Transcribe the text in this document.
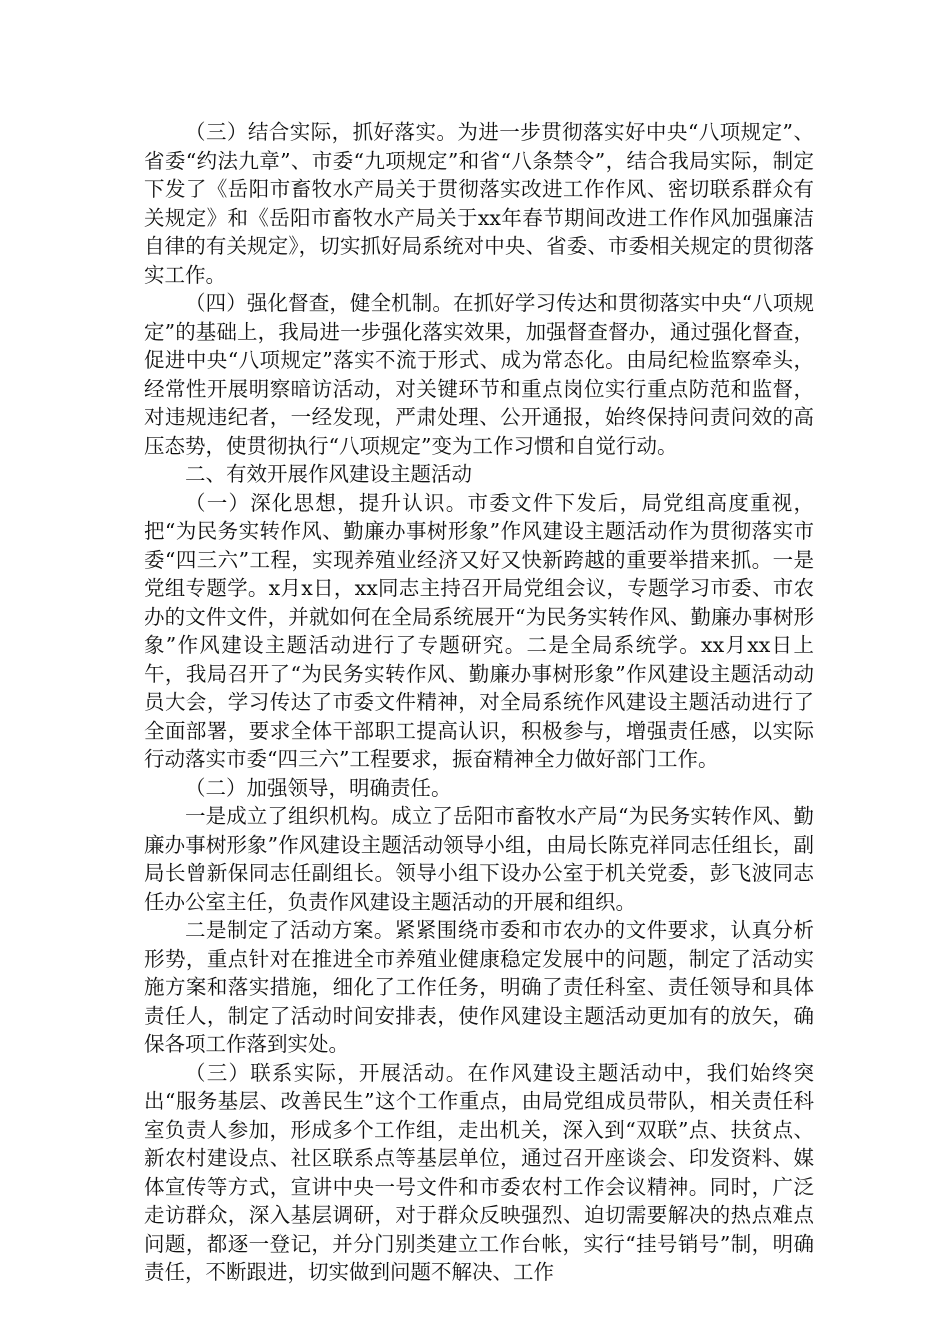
（三）结合实际，抓好落实。为进一步贯彻落实好中央“八项规定”、省委“约法九章”、市委“九项规定”和省“八条禁令”，结合我局实际，制定下发了《岳阳市畜牧水产局关于贯彻落实改进工作作风、密切联系群众有关规定》和《岳阳市畜牧水产局关于xx年春节期间改进工作作风加强廉洁自律的有关规定》，切实抓好局系统对中央、省委、市委相关规定的贯彻落实工作。

（四）强化督查，健全机制。在抓好学习传达和贯彻落实中央“八项规定”的基础上，我局进一步强化落实效果，加强督查督办，通过强化督查，促进中央“八项规定”落实不流于形式、成为常态化。由局纪检监察牵头，经常性开展明察暗访活动，对关键环节和重点岗位实行重点防范和监督，对违规违纪者，一经发现，严肃处理、公开通报，始终保持问责问效的高压态势，使贯彻执行“八项规定”变为工作习惯和自觉行动。

二、有效开展作风建设主题活动

（一）深化思想，提升认识。市委文件下发后，局党组高度重视，把“为民务实转作风、勤廉办事树形象”作风建设主题活动作为贯彻落实市委“四三六”工程，实现养殖业经济又好又快新跨越的重要举措来抓。一是党组专题学。x月x日，xx同志主持召开局党组会议，专题学习市委、市农办的文件文件，并就如何在全局系统展开“为民务实转作风、勤廉办事树形象”作风建设主题活动进行了专题研究。二是全局系统学。xx月xx日上午，我局召开了“为民务实转作风、勤廉办事树形象”作风建设主题活动动员大会，学习传达了市委文件精神，对全局系统作风建设主题活动进行了全面部署，要求全体干部职工提高认识，积极参与，增强责任感，以实际行动落实市委“四三六”工程要求，振奋精神全力做好部门工作。

（二）加强领导，明确责任。

一是成立了组织机构。成立了岳阳市畜牧水产局“为民务实转作风、勤廉办事树形象”作风建设主题活动领导小组，由局长陈克祥同志任组长，副局长曾新保同志任副组长。领导小组下设办公室于机关党委，彭飞波同志任办公室主任，负责作风建设主题活动的开展和组织。

二是制定了活动方案。紧紧围绕市委和市农办的文件要求，认真分析形势，重点针对在推进全市养殖业健康稳定发展中的问题，制定了活动实施方案和落实措施，细化了工作任务，明确了责任科室、责任领导和具体责任人，制定了活动时间安排表，使作风建设主题活动更加有的放矢，确保各项工作落到实处。

（三）联系实际，开展活动。在作风建设主题活动中，我们始终突出“服务基层、改善民生”这个工作重点，由局党组成员带队，相关责任科室负责人参加，形成多个工作组，走出机关，深入到“双联”点、扶贫点、新农村建设点、社区联系点等基层单位，通过召开座谈会、印发资料、媒体宣传等方式，宣讲中央一号文件和市委农村工作会议精神。同时，广泛走访群众，深入基层调研，对于群众反映强烈、迫切需要解决的热点难点问题，都逐一登记，并分门别类建立工作台帐，实行“挂号销号”制，明确责任，不断跟进，切实做到问题不解决、工作
